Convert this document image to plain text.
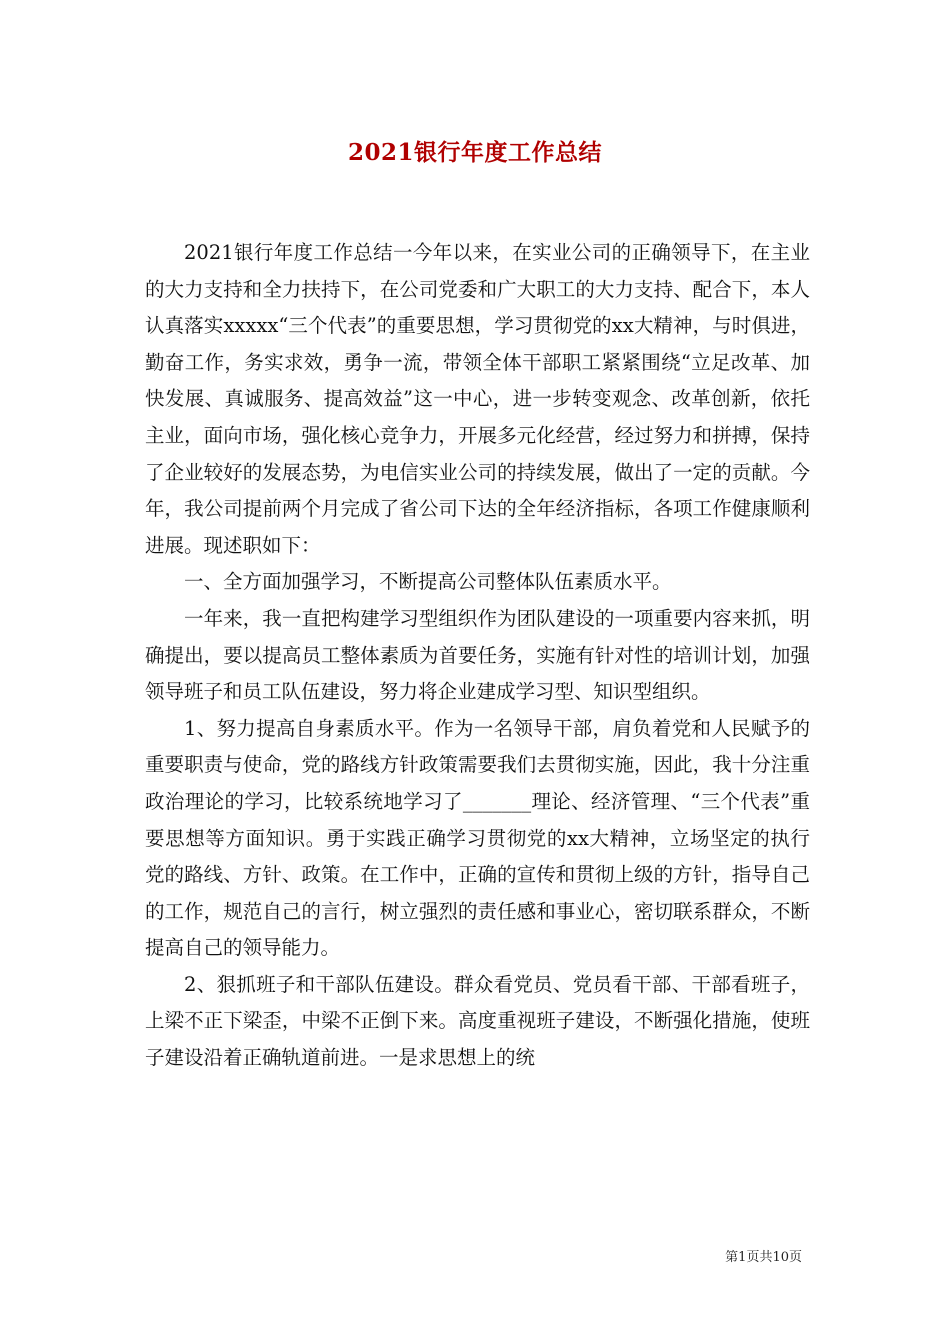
2021银行年度工作总结

2021银行年度工作总结一今年以来，在实业公司的正确领导下，在主业的大力支持和全力扶持下，在公司党委和广大职工的大力支持、配合下，本人认真落实xxxxx“三个代表”的重要思想，学习贯彻党的xx大精神，与时俱进，勤奋工作，务实求效，勇争一流，带领全体干部职工紧紧围绕“立足改革、加快发展、真诚服务、提高效益”这一中心，进一步转变观念、改革创新，依托主业，面向市场，强化核心竞争力，开展多元化经营，经过努力和拼搏，保持了企业较好的发展态势，为电信实业公司的持续发展，做出了一定的贡献。今年，我公司提前两个月完成了省公司下达的全年经济指标，各项工作健康顺利进展。现述职如下：

一、全方面加强学习，不断提高公司整体队伍素质水平。

一年来，我一直把构建学习型组织作为团队建设的一项重要内容来抓，明确提出，要以提高员工整体素质为首要任务，实施有针对性的培训计划，加强领导班子和员工队伍建设，努力将企业建成学习型、知识型组织。

1、努力提高自身素质水平。作为一名领导干部，肩负着党和人民赋予的重要职责与使命，党的路线方针政策需要我们去贯彻实施，因此，我十分注重政治理论的学习，比较系统地学习了_______理论、经济管理、“三个代表”重要思想等方面知识。勇于实践正确学习贯彻党的xx大精神，立场坚定的执行党的路线、方针、政策。在工作中，正确的宣传和贯彻上级的方针，指导自己的工作，规范自己的言行，树立强烈的责任感和事业心，密切联系群众，不断提高自己的领导能力。

2、狠抓班子和干部队伍建设。群众看党员、党员看干部、干部看班子，上梁不正下梁歪，中梁不正倒下来。高度重视班子建设，不断强化措施，使班子建设沿着正确轨道前进。一是求思想上的统

第1页共10页
